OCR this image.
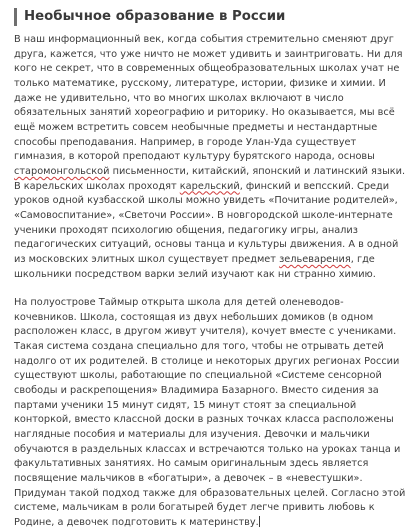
Необычное образование в России

В наш информационный век, когда события стремительно сменяют друг друга, кажется, что уже ничто не может удивить и заинтриговать. Ни для кого не секрет, что в современных общеобразовательных школах учат не только математике, русскому, литературе, истории, физике и химии. И даже не удивительно, что во многих школах включают в число обязательных занятий хореографию и риторику. Но оказывается, мы всё ещё можем встретить совсем необычные предметы и нестандартные способы преподавания. Например, в городе Улан-Уда существует гимназия, в которой преподают культуру бурятского народа, основы старомонгольской письменности, китайский, японский и латинский языки. В карельских школах проходят карельский, финский и вепсский. Среди уроков одной кузбасской школы можно увидеть «Почитание родителей», «Самовоспитание», «Светочи России». В новгородской школе-интернате ученики проходят психологию общения, педагогику игры, анализ педагогических ситуаций, основы танца и культуры движения. А в одной из московских элитных школ существует предмет зельеварения, где школьники посредством варки зелий изучают как ни странно химию.

На полуострове Таймыр открыта школа для детей оленеводов-кочевников. Школа, состоящая из двух небольших домиков (в одном расположен класс, в другом живут учителя), кочует вместе с учениками. Такая система создана специально для того, чтобы не отрывать детей надолго от их родителей. В столице и некоторых других регионах России существуют школы, работающие по специальной «Системе сенсорной свободы и раскрепощения» Владимира Базарного. Вместо сидения за партами ученики 15 минут сидят, 15 минут стоят за специальной конторкой, вместо классной доски в разных точках класса расположены наглядные пособия и материалы для изучения. Девочки и мальчики обучаются в раздельных классах и встречаются только на уроках танца и факультативных занятиях. Но самым оригинальным здесь является посвящение мальчиков в «богатыри», а девочек – в «невестушки». Придуман такой подход также для образовательных целей. Согласно этой системе, мальчикам в роли богатырей будет легче привить любовь к Родине, а девочек подготовить к материнству.
